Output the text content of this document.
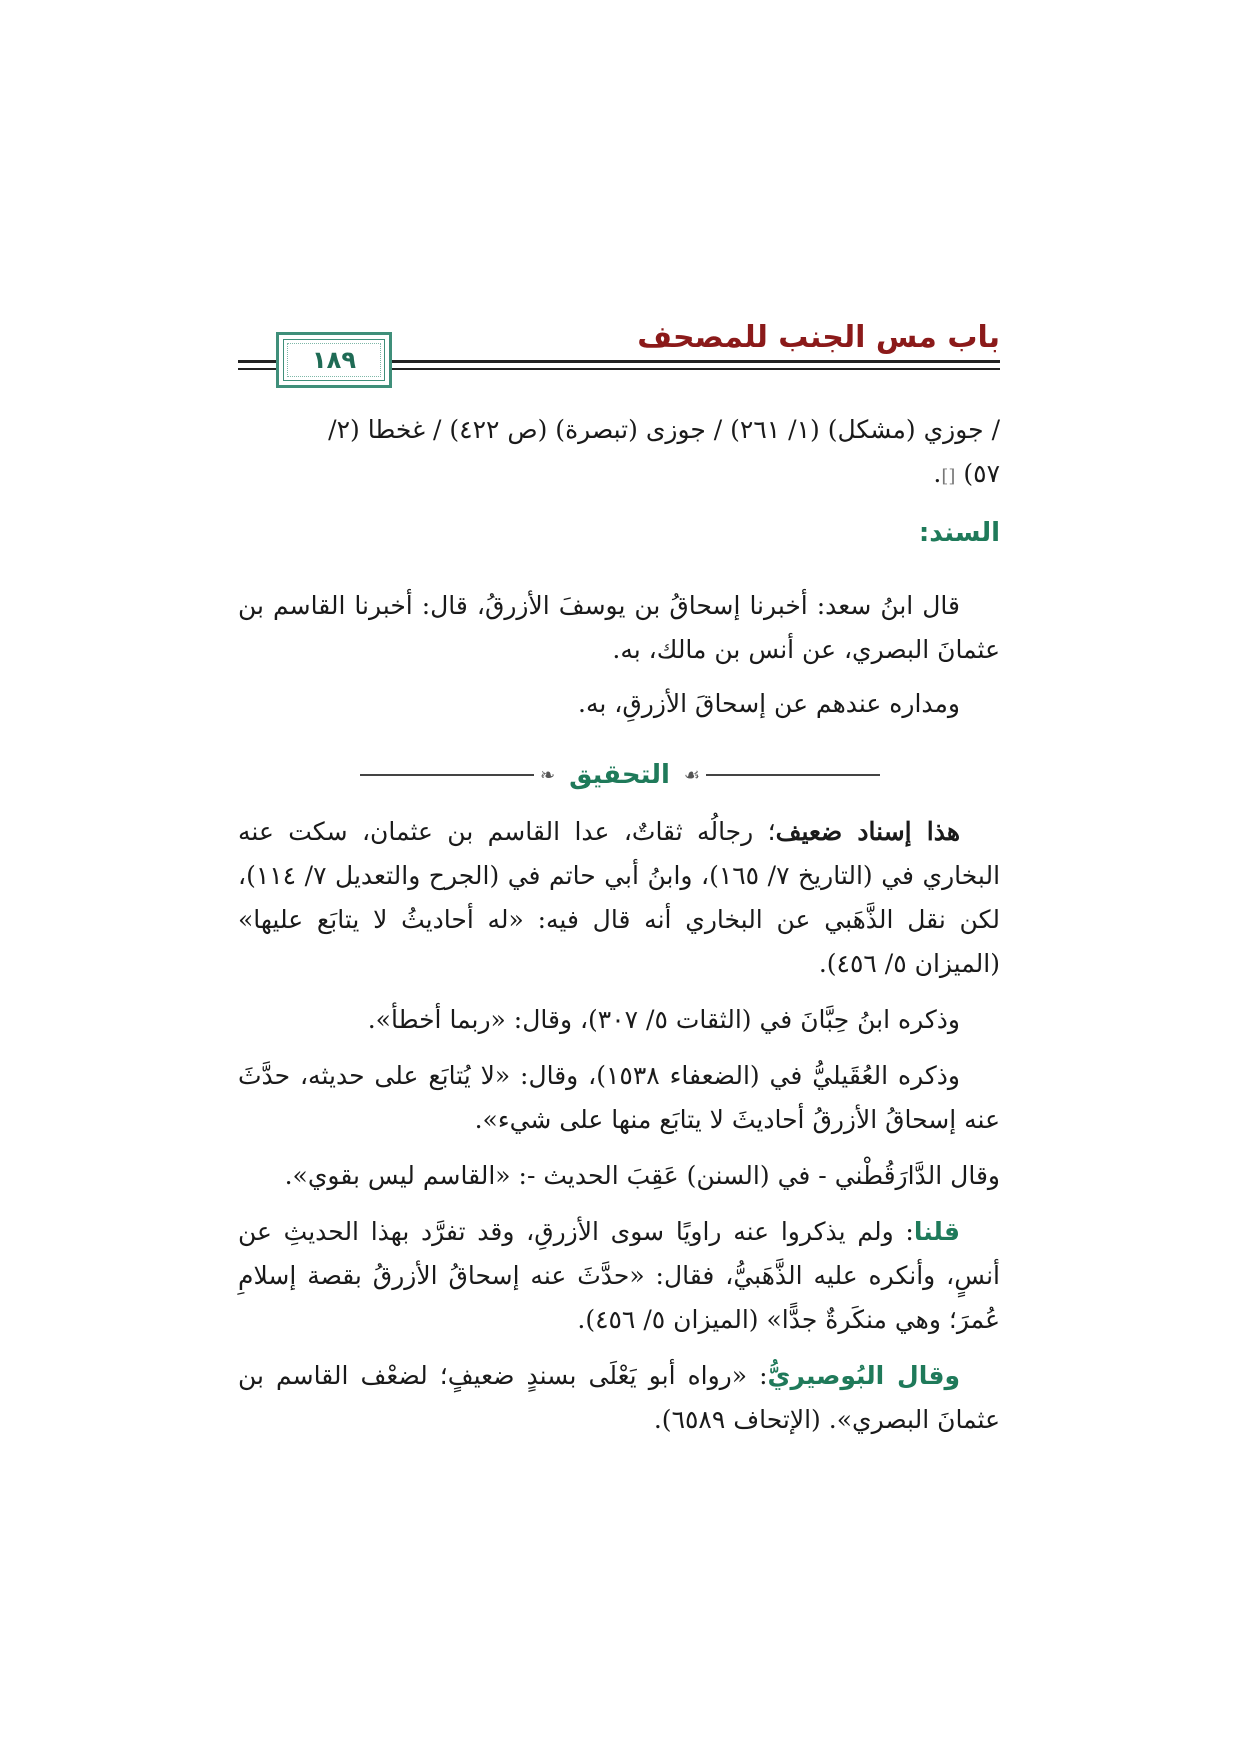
باب مس الجنب للمصحف
١٨٩

/ جوزي (مشكل) (١/ ٢٦١) / جوزى (تبصرة) (ص ٤٢٢) / غخطا (٢/

٥٧) [].

السند:

قال ابنُ سعد: أخبرنا إسحاقُ بن يوسفَ الأزرقُ، قال: أخبرنا القاسم بن عثمانَ البصري، عن أنس بن مالك، به.

ومداره عندهم عن إسحاقَ الأزرقِ، به.

❧ التحقيق ☙

هذا إسناد ضعيف؛ رجالُه ثقاتٌ، عدا القاسم بن عثمان، سكت عنه البخاري في (التاريخ ٧/ ١٦٥)، وابنُ أبي حاتم في (الجرح والتعديل ٧/ ١١٤)، لكن نقل الذَّهَبي عن البخاري أنه قال فيه: «له أحاديثُ لا يتابَع عليها» (الميزان ٥/ ٤٥٦).

وذكره ابنُ حِبَّانَ في (الثقات ٥/ ٣٠٧)، وقال: «ربما أخطأ».

وذكره العُقَيليُّ في (الضعفاء ١٥٣٨)، وقال: «لا يُتابَع على حديثه، حدَّثَ عنه إسحاقُ الأزرقُ أحاديثَ لا يتابَع منها على شيء».

وقال الدَّارَقُطْني - في (السنن) عَقِبَ الحديث -: «القاسم ليس بقوي».

قلنا: ولم يذكروا عنه راويًا سوى الأزرقِ، وقد تفرَّد بهذا الحديثِ عن أنسٍ، وأنكره عليه الذَّهَبيُّ، فقال: «حدَّثَ عنه إسحاقُ الأزرقُ بقصة إسلامِ عُمرَ؛ وهي منكَرةٌ جدًّا» (الميزان ٥/ ٤٥٦).

وقال البُوصيريُّ: «رواه أبو يَعْلَى بسندٍ ضعيفٍ؛ لضعْف القاسم بن عثمانَ البصري». (الإتحاف ٦٥٨٩).
